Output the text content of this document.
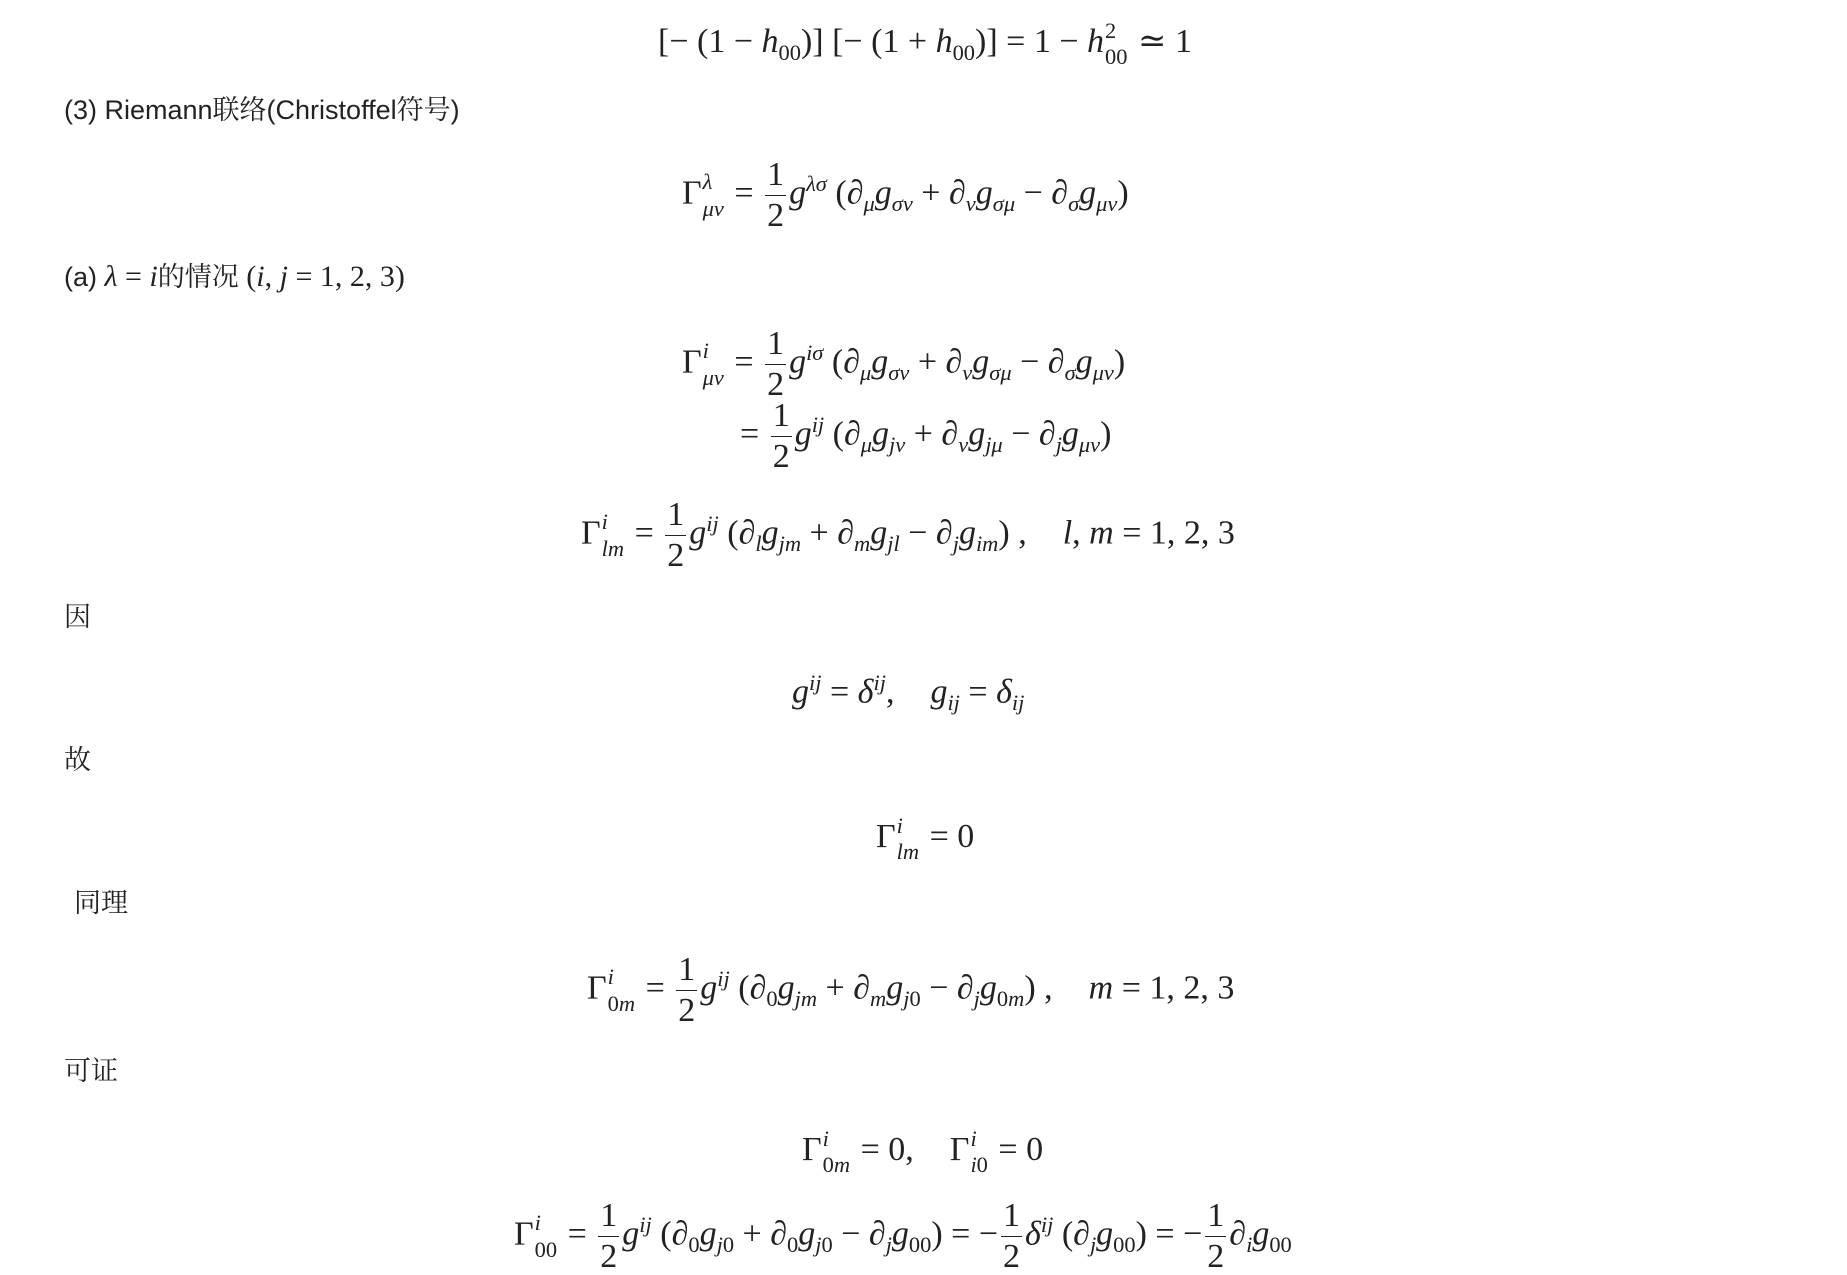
[− $(1 - h_{00})$] [− $(1 + h_{00})] = 1 - h$ 2
00 ≃ 1
(3) Riemann联络(Christoffel符号)
Γ λ
$\mu\nu = \frac{1}{2} g^{\lambda\sigma}$ $(\partial_\mu g_{\sigma\nu} + \partial_\nu g_{\sigma\mu} - \partial_\sigma g_{\mu\nu})$
(a) λ = i的情况 (i, j = 1, 2, 3)
Γ i
$\mu\nu = \frac{1}{2} g^{i\sigma}$ $(\partial_\mu g_{\sigma\nu} + \partial_\nu g_{\sigma\mu} - \partial_\sigma g_{\mu\nu})$
= $\frac{1}{2} g^{ij}$ $(\partial_\mu g_{j\nu} + \partial_\nu g_{j\mu} - \partial_jg_{\mu\nu})$
Γ i
lm = $\frac{1}{2} g^{ij}$ $(\partial_lg_{jm} + \partial_mg_{jl} - \partial_jg_{im})$ , l, m = 1, 2, 3
因
$g^{ij} = \delta^{ij}$, $g_{ij} = \delta_{ij}$
故
Γ i
lm = 0
同理
Γ i
$0m = \frac{1}{2} g^{ij}$ $(\partial_0g_{jm} + \partial_mg_{j0} - \partial_jg_{0m})$ , m = 1, 2, 3
可证
Γ i
0m = 0, Γ i
i0 = 0
Γ i
$00 = \frac{1}{2} g^{ij}$ $(\partial_0g_{j0} + \partial_0g_{j0} - \partial_jg_{00})$ = − $\frac{1}{2} \delta^{ij}$ $(\partial_jg_{00})$ = − $\frac{1}{2} \partial_ig_{00}$
